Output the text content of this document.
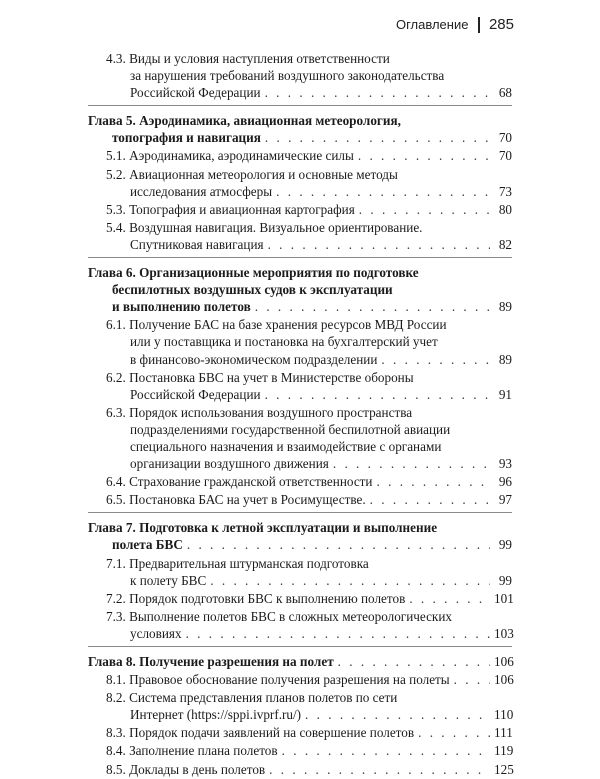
Оглавление 285
4.3. Виды и условия наступления ответственности
за нарушения требований воздушного законодательства
Российской Федерации . . .	68
Глава 5. Аэродинамика, авиационная метеорология,
топография и навигация . . .	70
5.1. Аэродинамика, аэродинамические силы . . .	70
5.2. Авиационная метеорология и основные методы
исследования атмосферы . . .	73
5.3. Топография и авиационная картография . . .	80
5.4. Воздушная навигация. Визуальное ориентирование.
Спутниковая навигация . . .	82
Глава 6. Организационные мероприятия по подготовке
беспилотных воздушных судов к эксплуатации
и выполнению полетов . . .	89
6.1. Получение БАС на базе хранения ресурсов МВД России
или у поставщика и постановка на бухгалтерский учет
в финансово-экономическом подразделении . . .	89
6.2. Постановка БВС на учет в Министерстве обороны
Российской Федерации . . .	91
6.3. Порядок использования воздушного пространства
подразделениями государственной беспилотной авиации
специального назначения и взаимодействие с органами
организации воздушного движения . . .	93
6.4. Страхование гражданской ответственности . . .	96
6.5. Постановка БАС на учет в Росимуществе. . . .	97
Глава 7. Подготовка к летной эксплуатации и выполнение
полета БВС . . .	99
7.1. Предварительная штурманская подготовка
к полету БВС . . .	99
7.2. Порядок подготовки БВС к выполнению полетов . . .	101
7.3. Выполнение полетов БВС в сложных метеорологических
условиях . . .	103
Глава 8. Получение разрешения на полет . . .	106
8.1. Правовое обоснование получения разрешения на полеты . . .	106
8.2. Система представления планов полетов по сети
Интернет (https://sppi.ivprf.ru/) . . .	110
8.3. Порядок подачи заявлений на совершение полетов . . .	111
8.4. Заполнение плана полетов . . .	119
8.5. Доклады в день полетов . . .	125
